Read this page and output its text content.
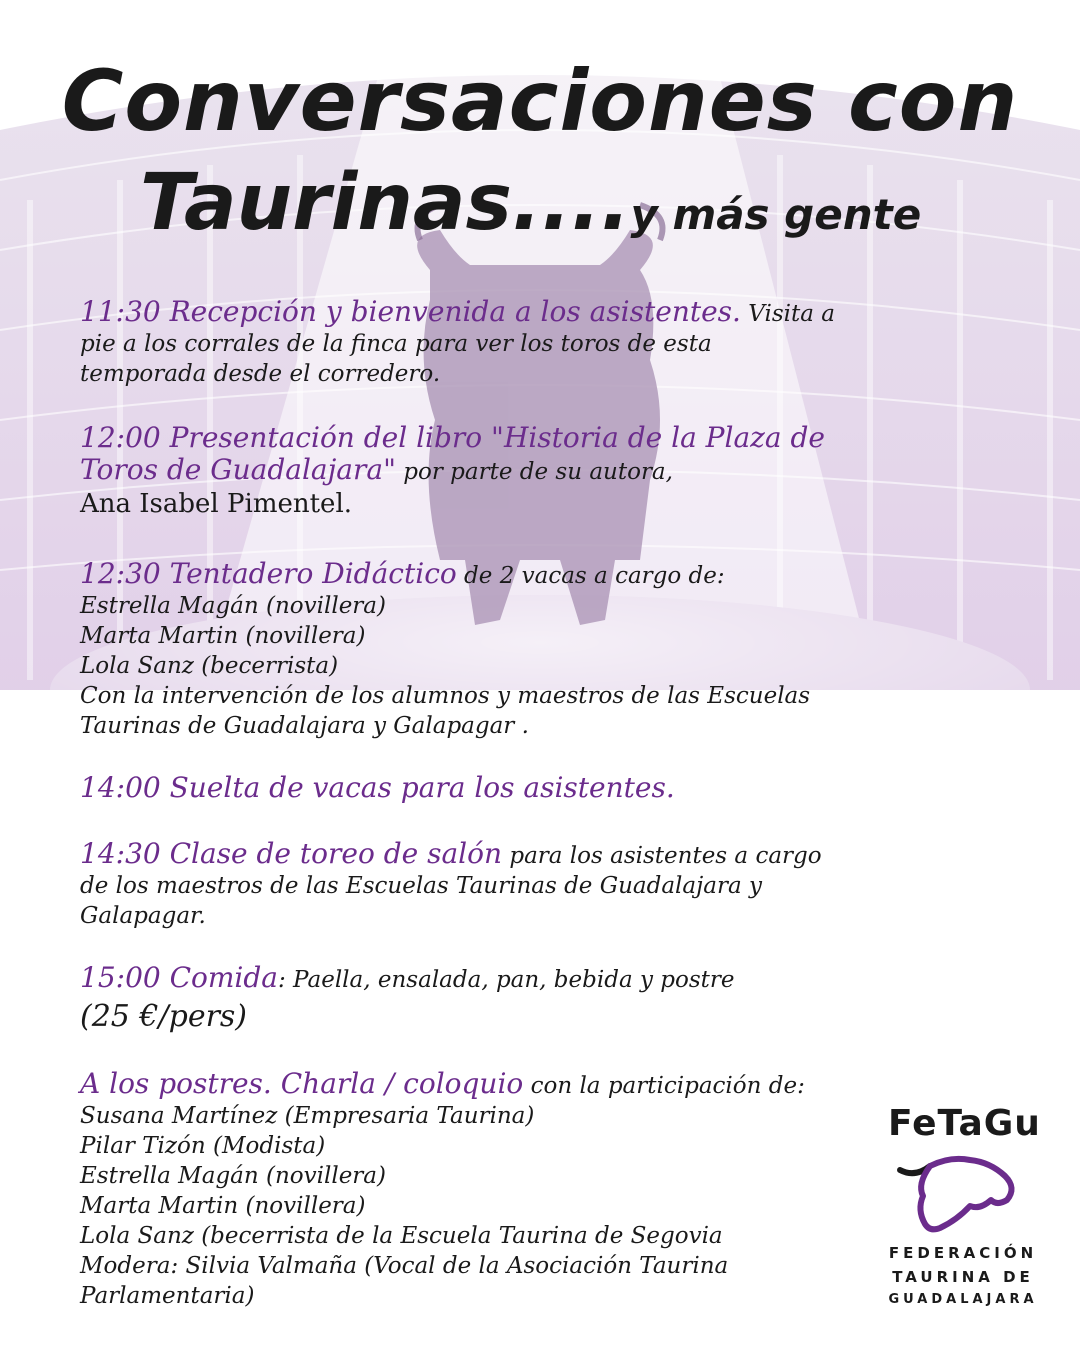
Conversaciones con
Taurinas....y más gente
11:30 Recepción y bienvenida a los asistentes. Visita a
pie a los corrales de la finca para ver los toros de esta
temporada desde el corredero.
12:00 Presentación del libro "Historia de la Plaza de
Toros de Guadalajara" por parte de su autora,
Ana Isabel Pimentel.
12:30 Tentadero Didáctico de 2 vacas a cargo de:
Estrella Magán (novillera)
Marta Martin (novillera)
Lola Sanz (becerrista)
Con la intervención de los alumnos y maestros de las Escuelas
Taurinas de Guadalajara y Galapagar .
14:00 Suelta de vacas para los asistentes.
14:30 Clase de toreo de salón para los asistentes a cargo
de los maestros de las Escuelas Taurinas de Guadalajara y
Galapagar.
15:00 Comida: Paella, ensalada, pan, bebida y postre
(25 €/pers)
A los postres. Charla / coloquio con la participación de:
Susana Martínez (Empresaria Taurina)
Pilar Tizón (Modista)
Estrella Magán (novillera)
Marta Martin (novillera)
Lola Sanz (becerrista de la Escuela Taurina de Segovia
Modera: Silvia Valmaña (Vocal de la Asociación Taurina
Parlamentaria)
FeTaGu
FEDERACIÓN
TAURINA DE
GUADALAJARA
